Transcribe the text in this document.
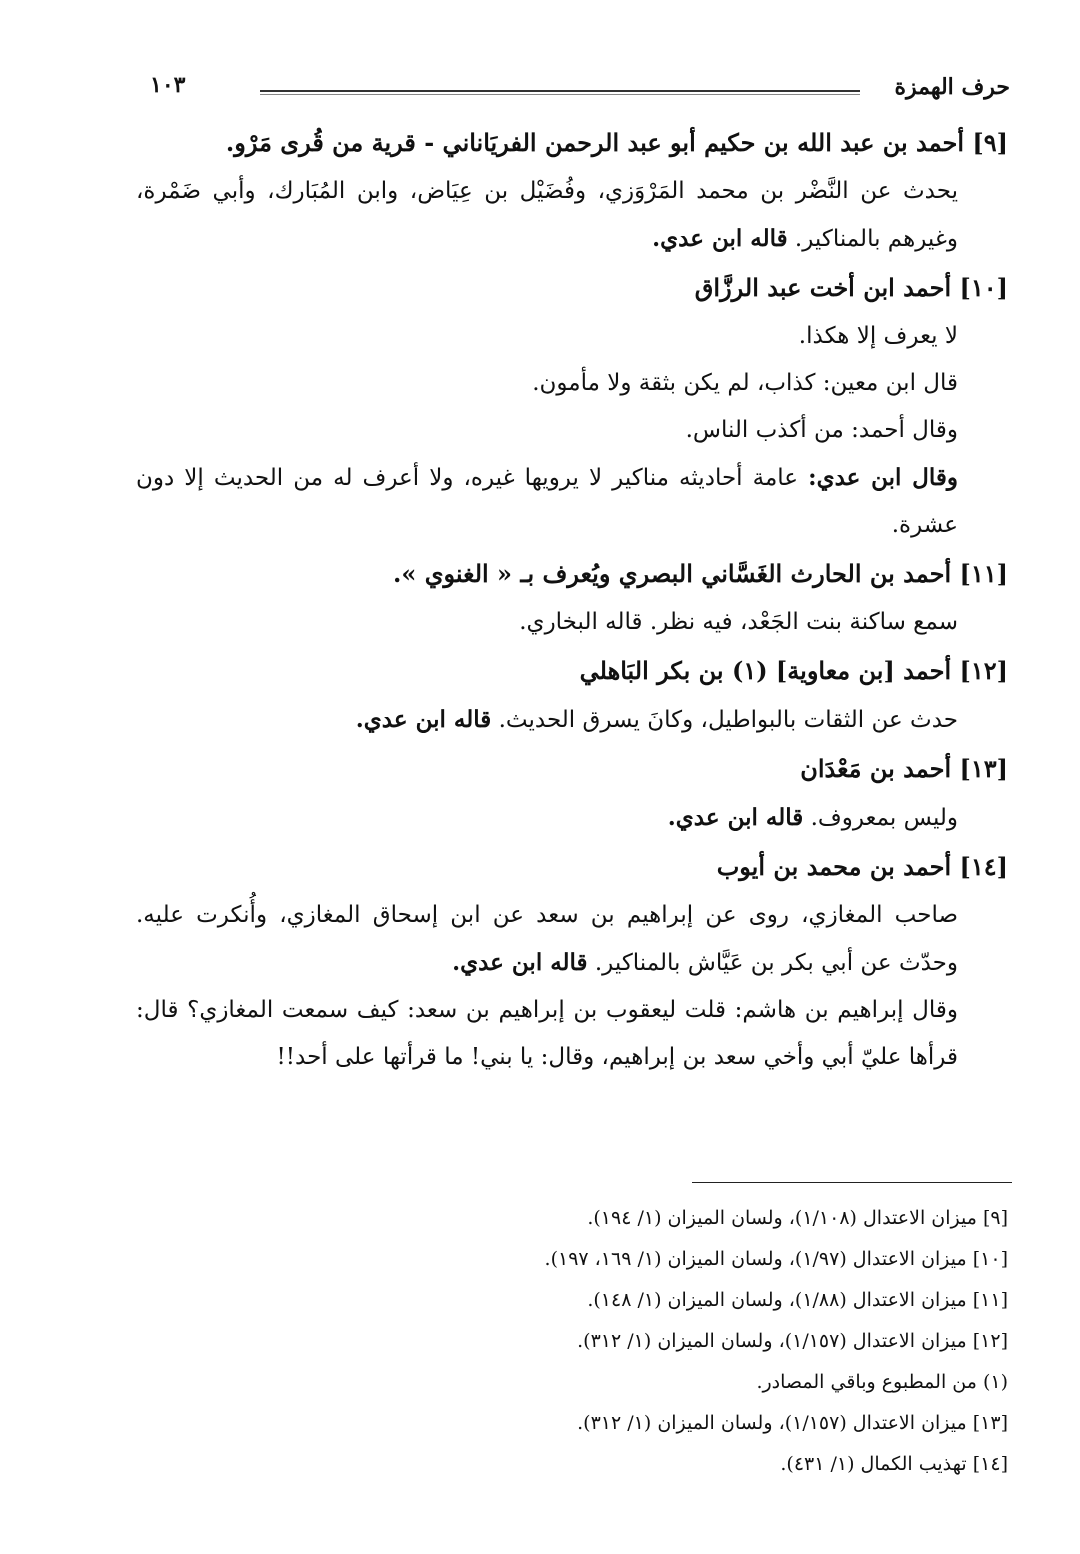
حرف الهمزة
١٠٣

[٩] أحمد بن عبد الله بن حكيم أبو عبد الرحمن الفريَاناني - قرية من قُرى مَرْو.

يحدث عن النَّضْر بن محمد المَرْوَزي، وفُضَيْل بن عِيَاض، وابن المُبَارك، وأبي ضَمْرة، وغيرهم بالمناكير. قاله ابن عدي.

[١٠] أحمد ابن أخت عبد الرزَّاق

لا يعرف إلا هكذا.

قال ابن معين: كذاب، لم يكن بثقة ولا مأمون.

وقال أحمد: من أكذب الناس.

وقال ابن عدي: عامة أحاديثه مناكير لا يرويها غيره، ولا أعرف له من الحديث إلا دون عشرة.

[١١] أحمد بن الحارث الغَسَّاني البصري ويُعرف بـ « الغنوي ».

سمع ساكنة بنت الجَعْد، فيه نظر. قاله البخاري.

[١٢] أحمد [بن معاوية] (١) بن بكر البَاهلي

حدث عن الثقات بالبواطيل، وكانَ يسرق الحديث. قاله ابن عدي.

[١٣] أحمد بن مَعْدَان

وليس بمعروف. قاله ابن عدي.

[١٤] أحمد بن محمد بن أيوب

صاحب المغازي، روى عن إبراهيم بن سعد عن ابن إسحاق المغازي، وأُنكرت عليه. وحدّث عن أبي بكر بن عَيَّاش بالمناكير. قاله ابن عدي.

وقال إبراهيم بن هاشم: قلت ليعقوب بن إبراهيم بن سعد: كيف سمعت المغازي؟ قال: قرأها عليّ أبي وأخي سعد بن إبراهيم، وقال: يا بني! ما قرأتها على أحد!!

[٩] ميزان الاعتدال (١/١٠٨)، ولسان الميزان (١/ ١٩٤).

[١٠] ميزان الاعتدال (١/٩٧)، ولسان الميزان (١/ ١٦٩، ١٩٧).

[١١] ميزان الاعتدال (١/٨٨)، ولسان الميزان (١/ ١٤٨).

[١٢] ميزان الاعتدال (١/١٥٧)، ولسان الميزان (١/ ٣١٢).

(١) من المطبوع وباقي المصادر.

[١٣] ميزان الاعتدال (١/١٥٧)، ولسان الميزان (١/ ٣١٢).

[١٤] تهذيب الكمال (١/ ٤٣١).
